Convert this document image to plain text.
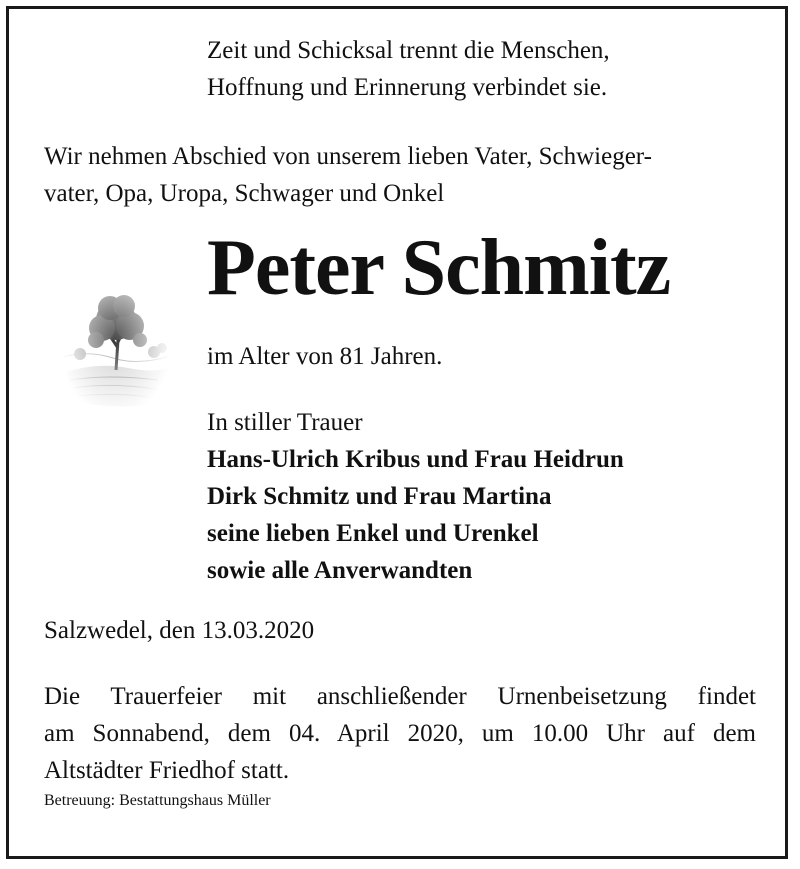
Zeit und Schicksal trennt die Menschen,
Hoffnung und Erinnerung verbindet sie.
Wir nehmen Abschied von unserem lieben Vater, Schwieger-
vater, Opa, Uropa, Schwager und Onkel
Peter Schmitz
im Alter von 81 Jahren.
In stiller Trauer
Hans-Ulrich Kribus und Frau Heidrun
Dirk Schmitz und Frau Martina
seine lieben Enkel und Urenkel
sowie alle Anverwandten
Salzwedel, den 13.03.2020
Die Trauerfeier mit anschließender Urnenbeisetzung findet
am Sonnabend, dem 04. April 2020, um 10.00 Uhr auf dem
Altstädter Friedhof statt.
Betreuung: Bestattungshaus Müller
